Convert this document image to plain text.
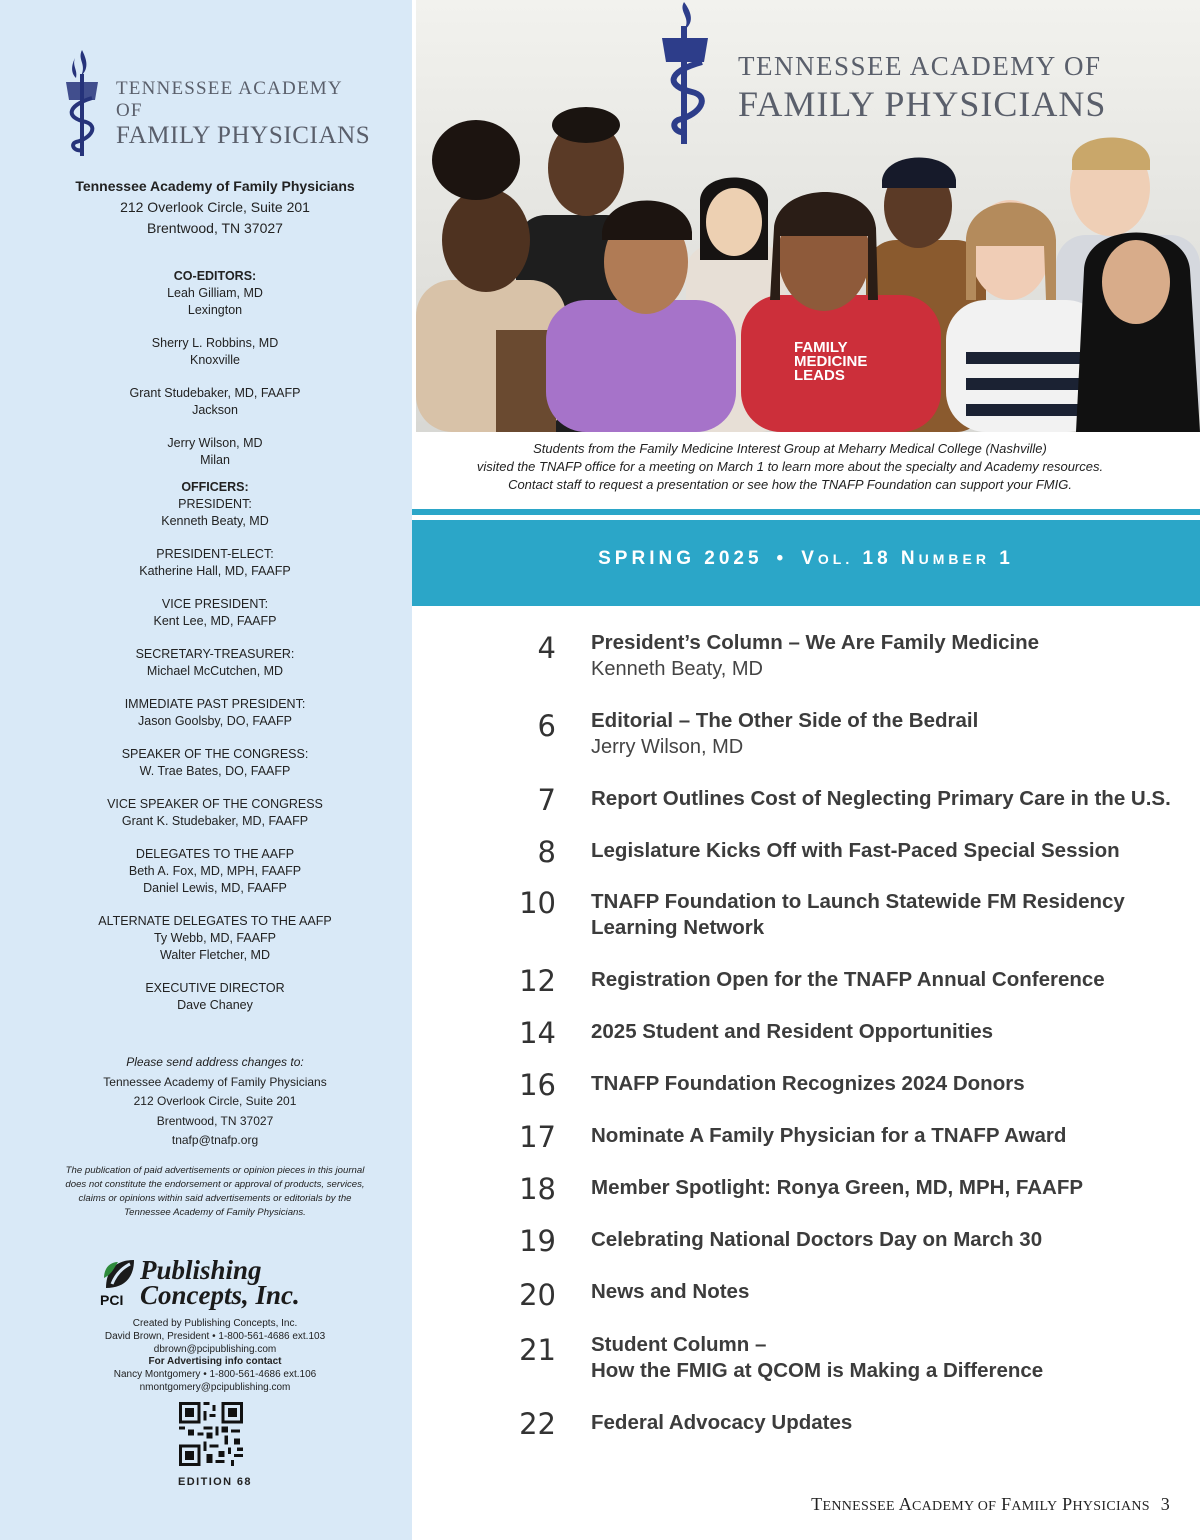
TENNESSEE ACADEMY OF
FAMILY PHYSICIANS
Tennessee Academy of Family Physicians
212 Overlook Circle, Suite 201
Brentwood, TN 37027
CO-EDITORS:
Leah Gilliam, MD
Lexington
Sherry L. Robbins, MD
Knoxville
Grant Studebaker, MD, FAAFP
Jackson
Jerry Wilson, MD
Milan
OFFICERS:
PRESIDENT:
Kenneth Beaty, MD
PRESIDENT-ELECT:
Katherine Hall, MD, FAAFP
VICE PRESIDENT:
Kent Lee, MD, FAAFP
SECRETARY-TREASURER:
Michael McCutchen, MD
IMMEDIATE PAST PRESIDENT:
Jason Goolsby, DO, FAAFP
SPEAKER OF THE CONGRESS:
W. Trae Bates, DO, FAAFP
VICE SPEAKER OF THE CONGRESS
Grant K. Studebaker, MD, FAAFP
DELEGATES TO THE AAFP
Beth A. Fox, MD, MPH, FAAFP
Daniel Lewis, MD, FAAFP
ALTERNATE DELEGATES TO THE AAFP
Ty Webb, MD, FAAFP
Walter Fletcher, MD
EXECUTIVE DIRECTOR
Dave Chaney
Please send address changes to:
Tennessee Academy of Family Physicians
212 Overlook Circle, Suite 201
Brentwood, TN 37027
tnafp@tnafp.org
The publication of paid advertisements or opinion pieces in this journal does not constitute the endorsement or approval of products, services, claims or opinions within said advertisements or editorials by the Tennessee Academy of Family Physicians.
Publishing
Concepts, Inc.
PCI
Created by Publishing Concepts, Inc.
David Brown, President • 1-800-561-4686 ext.103
dbrown@pcipublishing.com
For Advertising info contact
Nancy Montgomery • 1-800-561-4686 ext.106
nmontgomery@pcipublishing.com
EDITION 68
TENNESSEE ACADEMY OF
FAMILY PHYSICIANS
FAMILY
MEDICINE
LEADS
Students from the Family Medicine Interest Group at Meharry Medical College (Nashville)
visited the TNAFP office for a meeting on March 1 to learn more about the specialty and Academy resources.
Contact staff to request a presentation or see how the TNAFP Foundation can support your FMIG.
SPRING 2025 • VOL. 18 NUMBER 1
4 President’s Column – We Are Family Medicine
Kenneth Beaty, MD
6 Editorial – The Other Side of the Bedrail
Jerry Wilson, MD
7 Report Outlines Cost of Neglecting Primary Care in the U.S.
8 Legislature Kicks Off with Fast-Paced Special Session
10 TNAFP Foundation to Launch Statewide FM Residency
Learning Network
12 Registration Open for the TNAFP Annual Conference
14 2025 Student and Resident Opportunities
16 TNAFP Foundation Recognizes 2024 Donors
17 Nominate A Family Physician for a TNAFP Award
18 Member Spotlight: Ronya Green, MD, MPH, FAAFP
19 Celebrating National Doctors Day on March 30
20 News and Notes
21 Student Column –
How the FMIG at QCOM is Making a Difference
22 Federal Advocacy Updates
TENNESSEE ACADEMY OF FAMILY PHYSICIANS 3
